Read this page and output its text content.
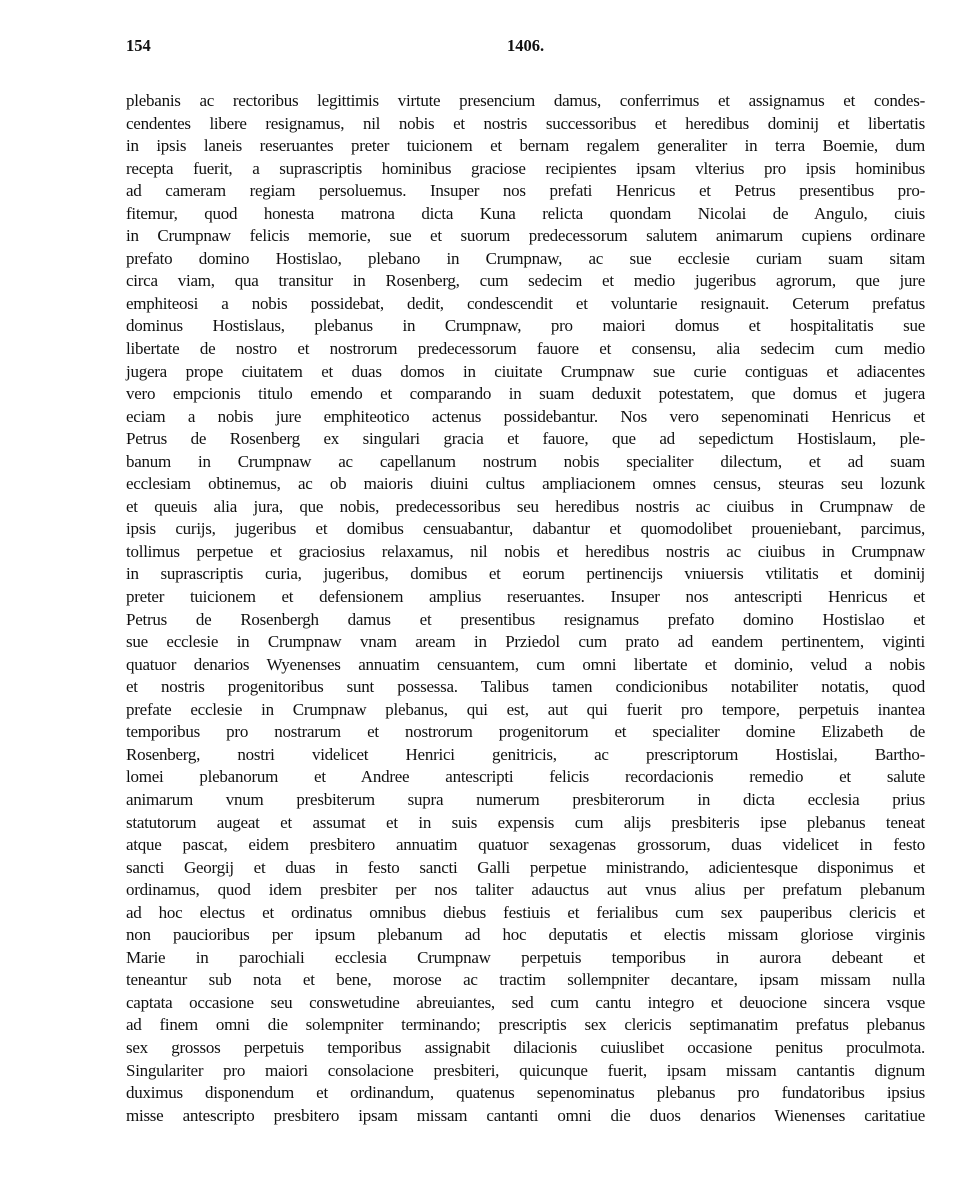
154	1406.
plebanis ac rectoribus legittimis virtute presencium damus, conferrimus et assignamus et condes-
cendentes libere resignamus, nil nobis et nostris successoribus et heredibus dominij et libertatis
in ipsis laneis reseruantes preter tuicionem et bernam regalem generaliter in terra Boemie, dum
recepta fuerit, a suprascriptis hominibus graciose recipientes ipsam vlterius pro ipsis hominibus
ad cameram regiam persoluemus. Insuper nos prefati Henricus et Petrus presentibus pro-
fitemur, quod honesta matrona dicta Kuna relicta quondam Nicolai de Angulo, ciuis
in Crumpnaw felicis memorie, sue et suorum predecessorum salutem animarum cupiens ordinare
prefato domino Hostislao, plebano in Crumpnaw, ac sue ecclesie curiam suam sitam
circa viam, qua transitur in Rosenberg, cum sedecim et medio jugeribus agrorum, que jure
emphiteosi a nobis possidebat, dedit, condescendit et voluntarie resignauit. Ceterum prefatus
dominus Hostislaus, plebanus in Crumpnaw, pro maiori domus et hospitalitatis sue
libertate de nostro et nostrorum predecessorum fauore et consensu, alia sedecim cum medio
jugera prope ciuitatem et duas domos in ciuitate Crumpnaw sue curie contiguas et adiacentes
vero empcionis titulo emendo et comparando in suam deduxit potestatem, que domus et jugera
eciam a nobis jure emphiteotico actenus possidebantur. Nos vero sepenominati Henricus et
Petrus de Rosenberg ex singulari gracia et fauore, que ad sepedictum Hostislaum, ple-
banum in Crumpnaw ac capellanum nostrum nobis specialiter dilectum, et ad suam
ecclesiam obtinemus, ac ob maioris diuini cultus ampliacionem omnes census, steuras seu lozunk
et queuis alia jura, que nobis, predecessoribus seu heredibus nostris ac ciuibus in Crumpnaw de
ipsis curijs, jugeribus et domibus censuabantur, dabantur et quomodolibet proueniebant, parcimus,
tollimus perpetue et graciosius relaxamus, nil nobis et heredibus nostris ac ciuibus in Crumpnaw
in suprascriptis curia, jugeribus, domibus et eorum pertinencijs vniuersis vtilitatis et dominij
preter tuicionem et defensionem amplius reseruantes. Insuper nos antescripti Henricus et
Petrus de Rosenbergh damus et presentibus resignamus prefato domino Hostislao et
sue ecclesie in Crumpnaw vnam aream in Prziedol cum prato ad eandem pertinentem, viginti
quatuor denarios Wyenenses annuatim censuantem, cum omni libertate et dominio, velud a nobis
et nostris progenitoribus sunt possessa. Talibus tamen condicionibus notabiliter notatis, quod
prefate ecclesie in Crumpnaw plebanus, qui est, aut qui fuerit pro tempore, perpetuis inantea
temporibus pro nostrarum et nostrorum progenitorum et specialiter domine Elizabeth de
Rosenberg, nostri videlicet Henrici genitricis, ac prescriptorum Hostislai, Bartho-
lomei plebanorum et Andree antescripti felicis recordacionis remedio et salute
animarum vnum presbiterum supra numerum presbiterorum in dicta ecclesia prius
statutorum augeat et assumat et in suis expensis cum alijs presbiteris ipse plebanus teneat
atque pascat, eidem presbitero annuatim quatuor sexagenas grossorum, duas videlicet in festo
sancti Georgij et duas in festo sancti Galli perpetue ministrando, adicientesque disponimus et
ordinamus, quod idem presbiter per nos taliter adauctus aut vnus alius per prefatum plebanum
ad hoc electus et ordinatus omnibus diebus festiuis et ferialibus cum sex pauperibus clericis et
non paucioribus per ipsum plebanum ad hoc deputatis et electis missam gloriose virginis
Marie in parochiali ecclesia Crumpnaw perpetuis temporibus in aurora debeant et
teneantur sub nota et bene, morose ac tractim sollempniter decantare, ipsam missam nulla
captata occasione seu conswetudine abreuiantes, sed cum cantu integro et deuocione sincera vsque
ad finem omni die solempniter terminando; prescriptis sex clericis septimanatim prefatus plebanus
sex grossos perpetuis temporibus assignabit dilacionis cuiuslibet occasione penitus proculmota.
Singulariter pro maiori consolacione presbiteri, quicunque fuerit, ipsam missam cantantis dignum
duximus disponendum et ordinandum, quatenus sepenominatus plebanus pro fundatoribus ipsius
misse antescripto presbitero ipsam missam cantanti omni die duos denarios Wienenses caritatiue
